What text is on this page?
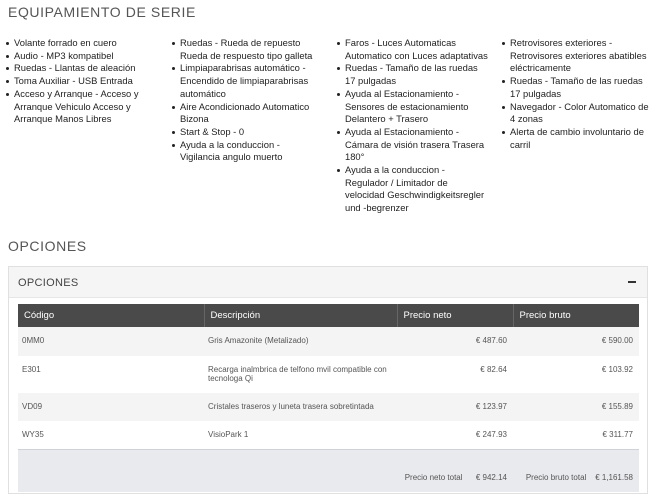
EQUIPAMIENTO DE SERIE
Volante forrado en cuero
Audio - MP3 kompatibel
Ruedas - Llantas de aleación
Toma Auxiliar - USB Entrada
Acceso y Arranque - Acceso y Arranque Vehiculo Acceso y Arranque Manos Libres
Ruedas - Rueda de repuesto Rueda de respuesto tipo galleta
Limpiaparabrisas automático - Encendido de limpiaparabrisas automático
Aire Acondicionado Automatico Bizona
Start & Stop - 0
Ayuda a la conduccion - Vigilancia angulo muerto
Faros - Luces Automaticas Automatico con Luces adaptativas
Ruedas - Tamaño de las ruedas 17 pulgadas
Ayuda al Estacionamiento - Sensores de estacionamiento Delantero + Trasero
Ayuda al Estacionamiento - Cámara de visión trasera Trasera 180°
Ayuda a la conduccion - Regulador / Limitador de velocidad Geschwindigkeitsregler und -begrenzer
Retrovisores exteriores - Retrovisores exteriores abatibles eléctricamente
Ruedas - Tamaño de las ruedas 17 pulgadas
Navegador - Color Automatico de 4 zonas
Alerta de cambio involuntario de carril
OPCIONES
OPCIONES
Código	Descripción	Precio neto	Precio bruto
0MM0	Gris Amazonite (Metalizado)	€ 487.60	€ 590.00
E301	Recarga inalmbrica de telfono mvil compatible con tecnologa Qi	€ 82.64	€ 103.92
VD09	Cristales traseros y luneta trasera sobretintada	€ 123.97	€ 155.89
WY35	VisioPark 1	€ 247.93	€ 311.77
		Precio neto total € 942.14	Precio bruto total € 1,161.58
